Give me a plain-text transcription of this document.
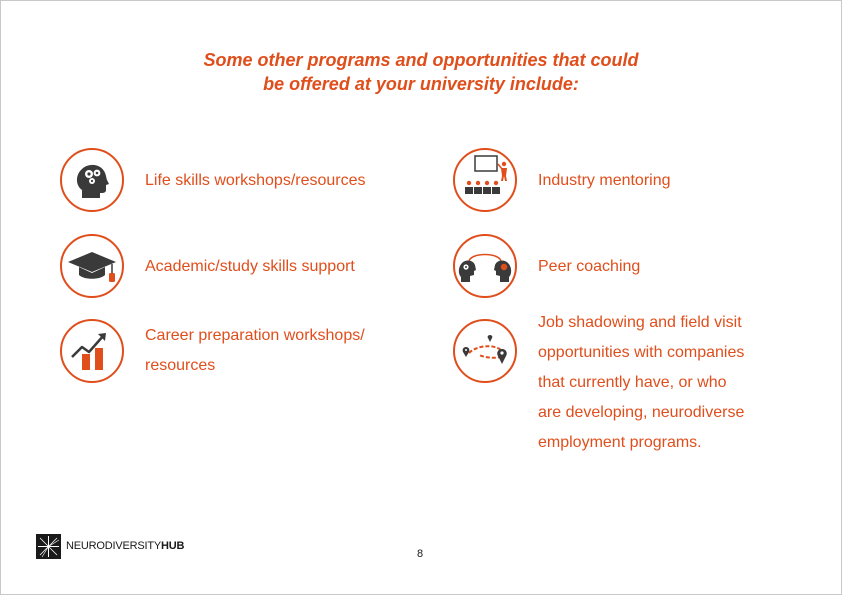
Some other programs and opportunities that could
be offered at your university include:
Life skills workshops/resources
Academic/study skills support
Career preparation workshops/
resources
Industry mentoring
Peer coaching
Job shadowing and field visit
opportunities with companies
that currently have, or who
are developing, neurodiverse
employment programs.
NEURODIVERSITYHUB
8
